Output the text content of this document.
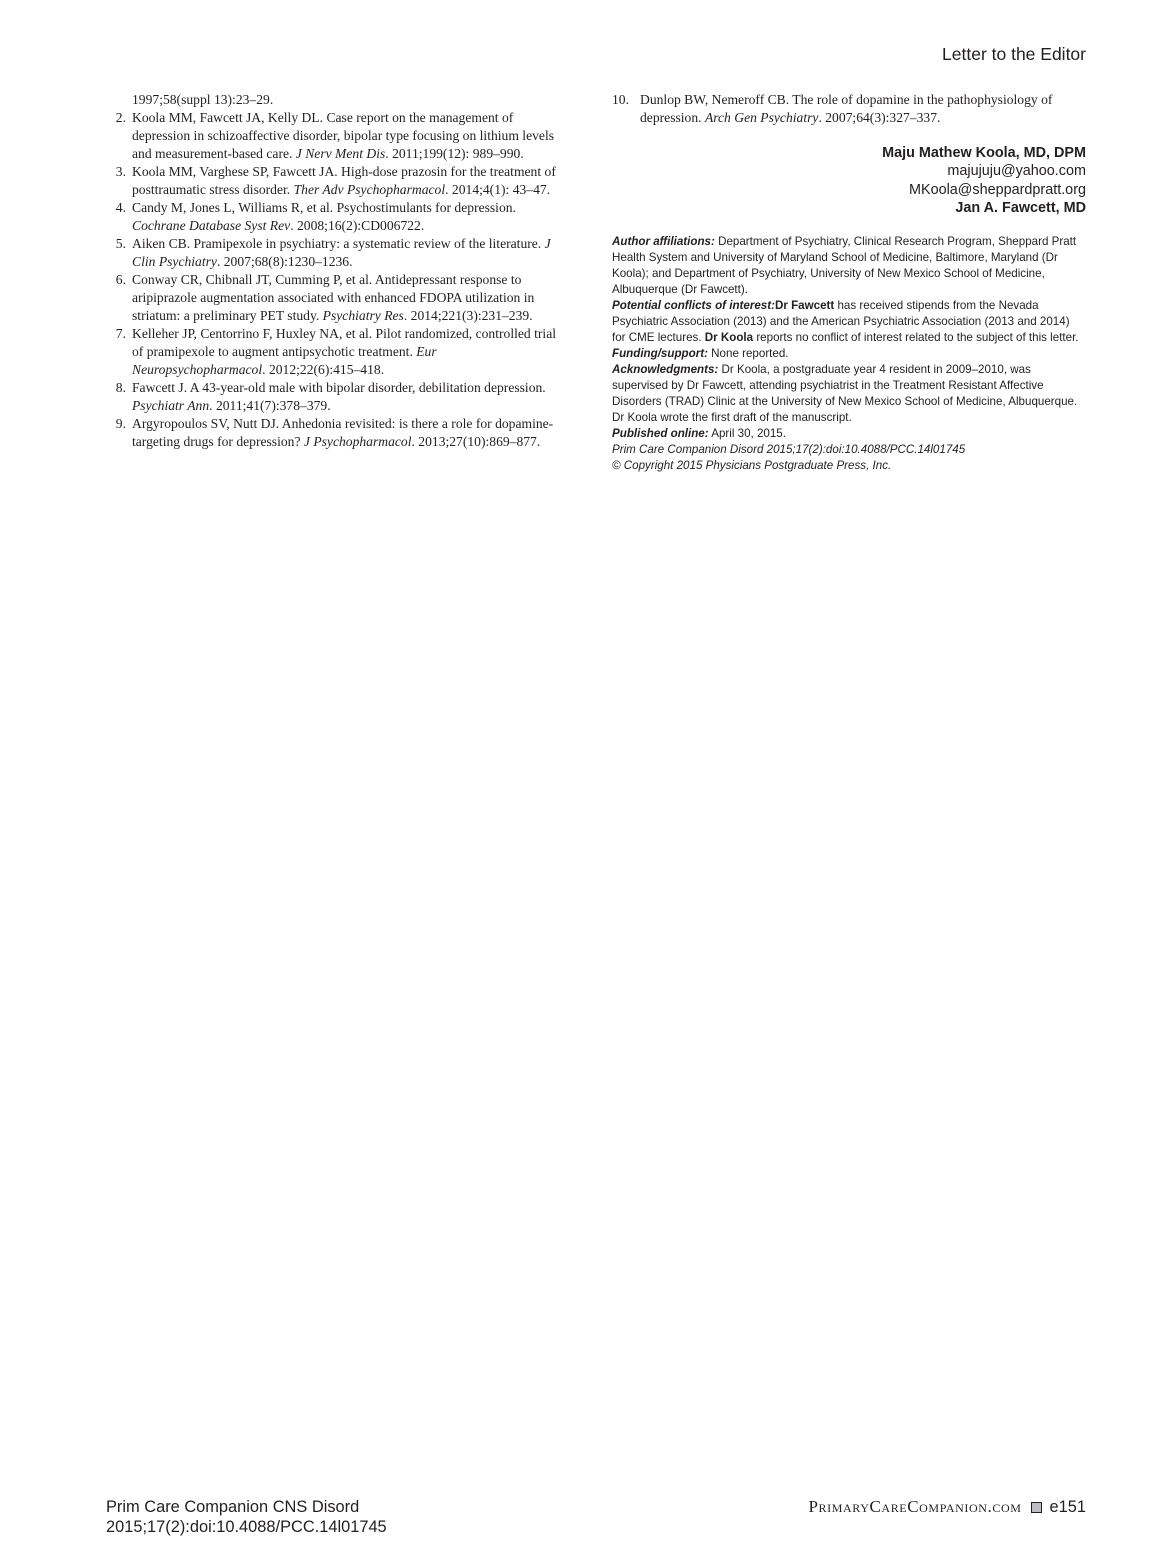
Letter to the Editor
1997;58(suppl 13):23–29.
2. Koola MM, Fawcett JA, Kelly DL. Case report on the management of depression in schizoaffective disorder, bipolar type focusing on lithium levels and measurement-based care. J Nerv Ment Dis. 2011;199(12): 989–990.
3. Koola MM, Varghese SP, Fawcett JA. High-dose prazosin for the treatment of posttraumatic stress disorder. Ther Adv Psychopharmacol. 2014;4(1): 43–47.
4. Candy M, Jones L, Williams R, et al. Psychostimulants for depression. Cochrane Database Syst Rev. 2008;16(2):CD006722.
5. Aiken CB. Pramipexole in psychiatry: a systematic review of the literature. J Clin Psychiatry. 2007;68(8):1230–1236.
6. Conway CR, Chibnall JT, Cumming P, et al. Antidepressant response to aripiprazole augmentation associated with enhanced FDOPA utilization in striatum: a preliminary PET study. Psychiatry Res. 2014;221(3):231–239.
7. Kelleher JP, Centorrino F, Huxley NA, et al. Pilot randomized, controlled trial of pramipexole to augment antipsychotic treatment. Eur Neuropsychopharmacol. 2012;22(6):415–418.
8. Fawcett J. A 43-year-old male with bipolar disorder, debilitation depression. Psychiatr Ann. 2011;41(7):378–379.
9. Argyropoulos SV, Nutt DJ. Anhedonia revisited: is there a role for dopamine-targeting drugs for depression? J Psychopharmacol. 2013;27(10):869–877.
10. Dunlop BW, Nemeroff CB. The role of dopamine in the pathophysiology of depression. Arch Gen Psychiatry. 2007;64(3):327–337.
Maju Mathew Koola, MD, DPM
majujuju@yahoo.com
MKoola@sheppardpratt.org
Jan A. Fawcett, MD
Author affiliations: Department of Psychiatry, Clinical Research Program, Sheppard Pratt Health System and University of Maryland School of Medicine, Baltimore, Maryland (Dr Koola); and Department of Psychiatry, University of New Mexico School of Medicine, Albuquerque (Dr Fawcett).
Potential conflicts of interest:Dr Fawcett has received stipends from the Nevada Psychiatric Association (2013) and the American Psychiatric Association (2013 and 2014) for CME lectures. Dr Koola reports no conflict of interest related to the subject of this letter.
Funding/support: None reported.
Acknowledgments: Dr Koola, a postgraduate year 4 resident in 2009–2010, was supervised by Dr Fawcett, attending psychiatrist in the Treatment Resistant Affective Disorders (TRAD) Clinic at the University of New Mexico School of Medicine, Albuquerque. Dr Koola wrote the first draft of the manuscript.
Published online: April 30, 2015.
Prim Care Companion Disord 2015;17(2):doi:10.4088/PCC.14l01745
© Copyright 2015 Physicians Postgraduate Press, Inc.
Prim Care Companion CNS Disord
2015;17(2):doi:10.4088/PCC.14l01745
PrimaryCareCompanion.com e151
